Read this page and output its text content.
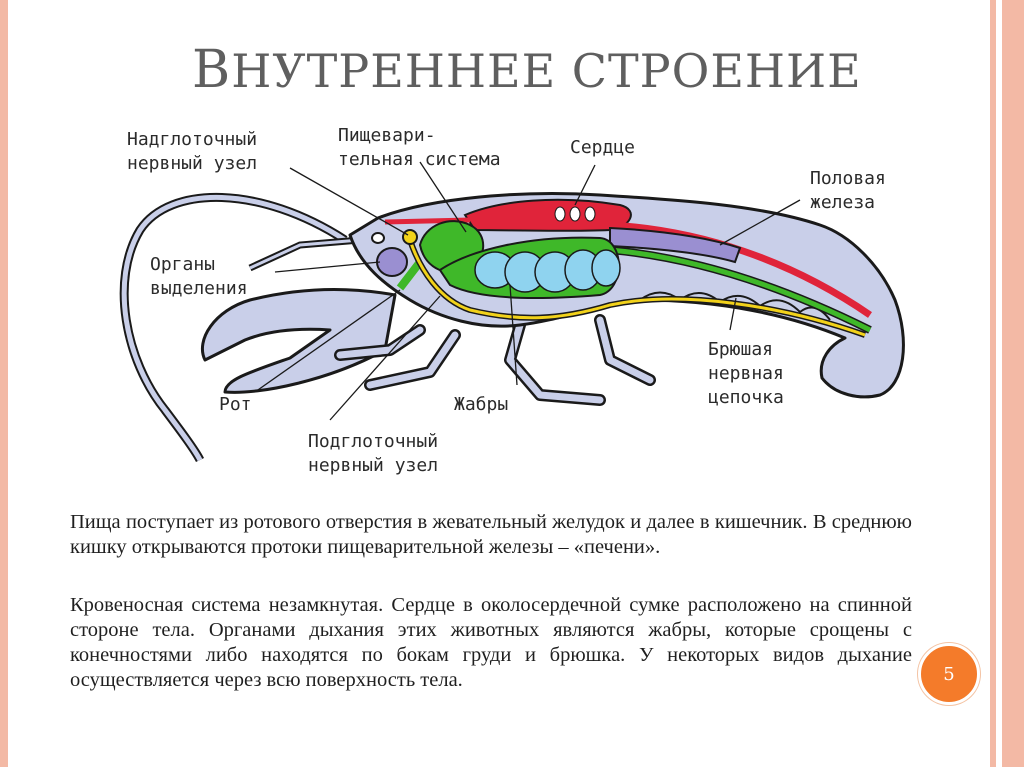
ВНУТРЕННЕЕ СТРОЕНИЕ
Надглоточный
нервный узел
Пищевари-
тельная система
Сердце
Половая
железа
Органы
выделения
Рот	Жабры
Брюшая
нервная
цепочка
Подглоточный
нервный узел
Пища поступает из ротового отверстия в жевательный желудок и далее в кишечник. В среднюю кишку открываются протоки пищеварительной железы – «печени».
Кровеносная система незамкнутая. Сердце в околосердечной сумке расположено на спинной стороне тела. Органами дыхания этих животных являются жабры, которые срощены с конечностями либо находятся по бокам груди и брюшка. У некоторых видов дыхание осуществляется через всю поверхность тела.	5
